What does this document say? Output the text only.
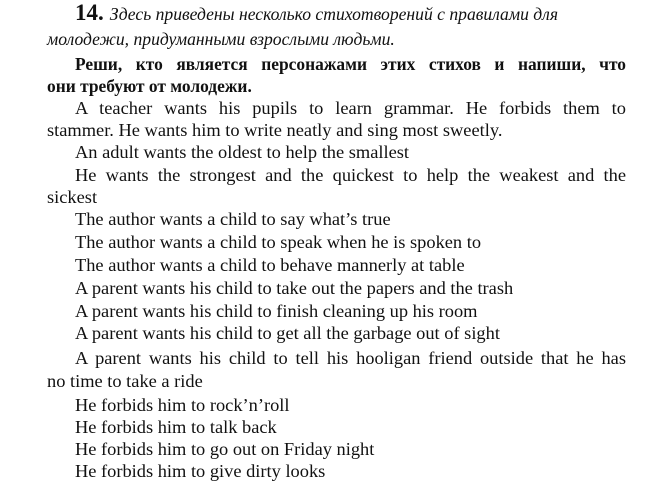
14. Здесь приведены несколько стихотворений с правилами для
молодежи, придуманными взрослыми людьми.
Реши, кто является персонажами этих стихов и напиши, что
они требуют от молодежи.
A teacher wants his pupils to learn grammar. He forbids them to
stammer. He wants him to write neatly and sing most sweetly.
An adult wants the oldest to help the smallest
He wants the strongest and the quickest to help the weakest and the
sickest
The author wants a child to say what’s true
The author wants a child to speak when he is spoken to
The author wants a child to behave mannerly at table
A parent wants his child to take out the papers and the trash
A parent wants his child to finish cleaning up his room
A parent wants his child to get all the garbage out of sight
A parent wants his child to tell his hooligan friend outside that he has
no time to take a ride
He forbids him to rock’n’roll
He forbids him to talk back
He forbids him to go out on Friday night
He forbids him to give dirty looks
